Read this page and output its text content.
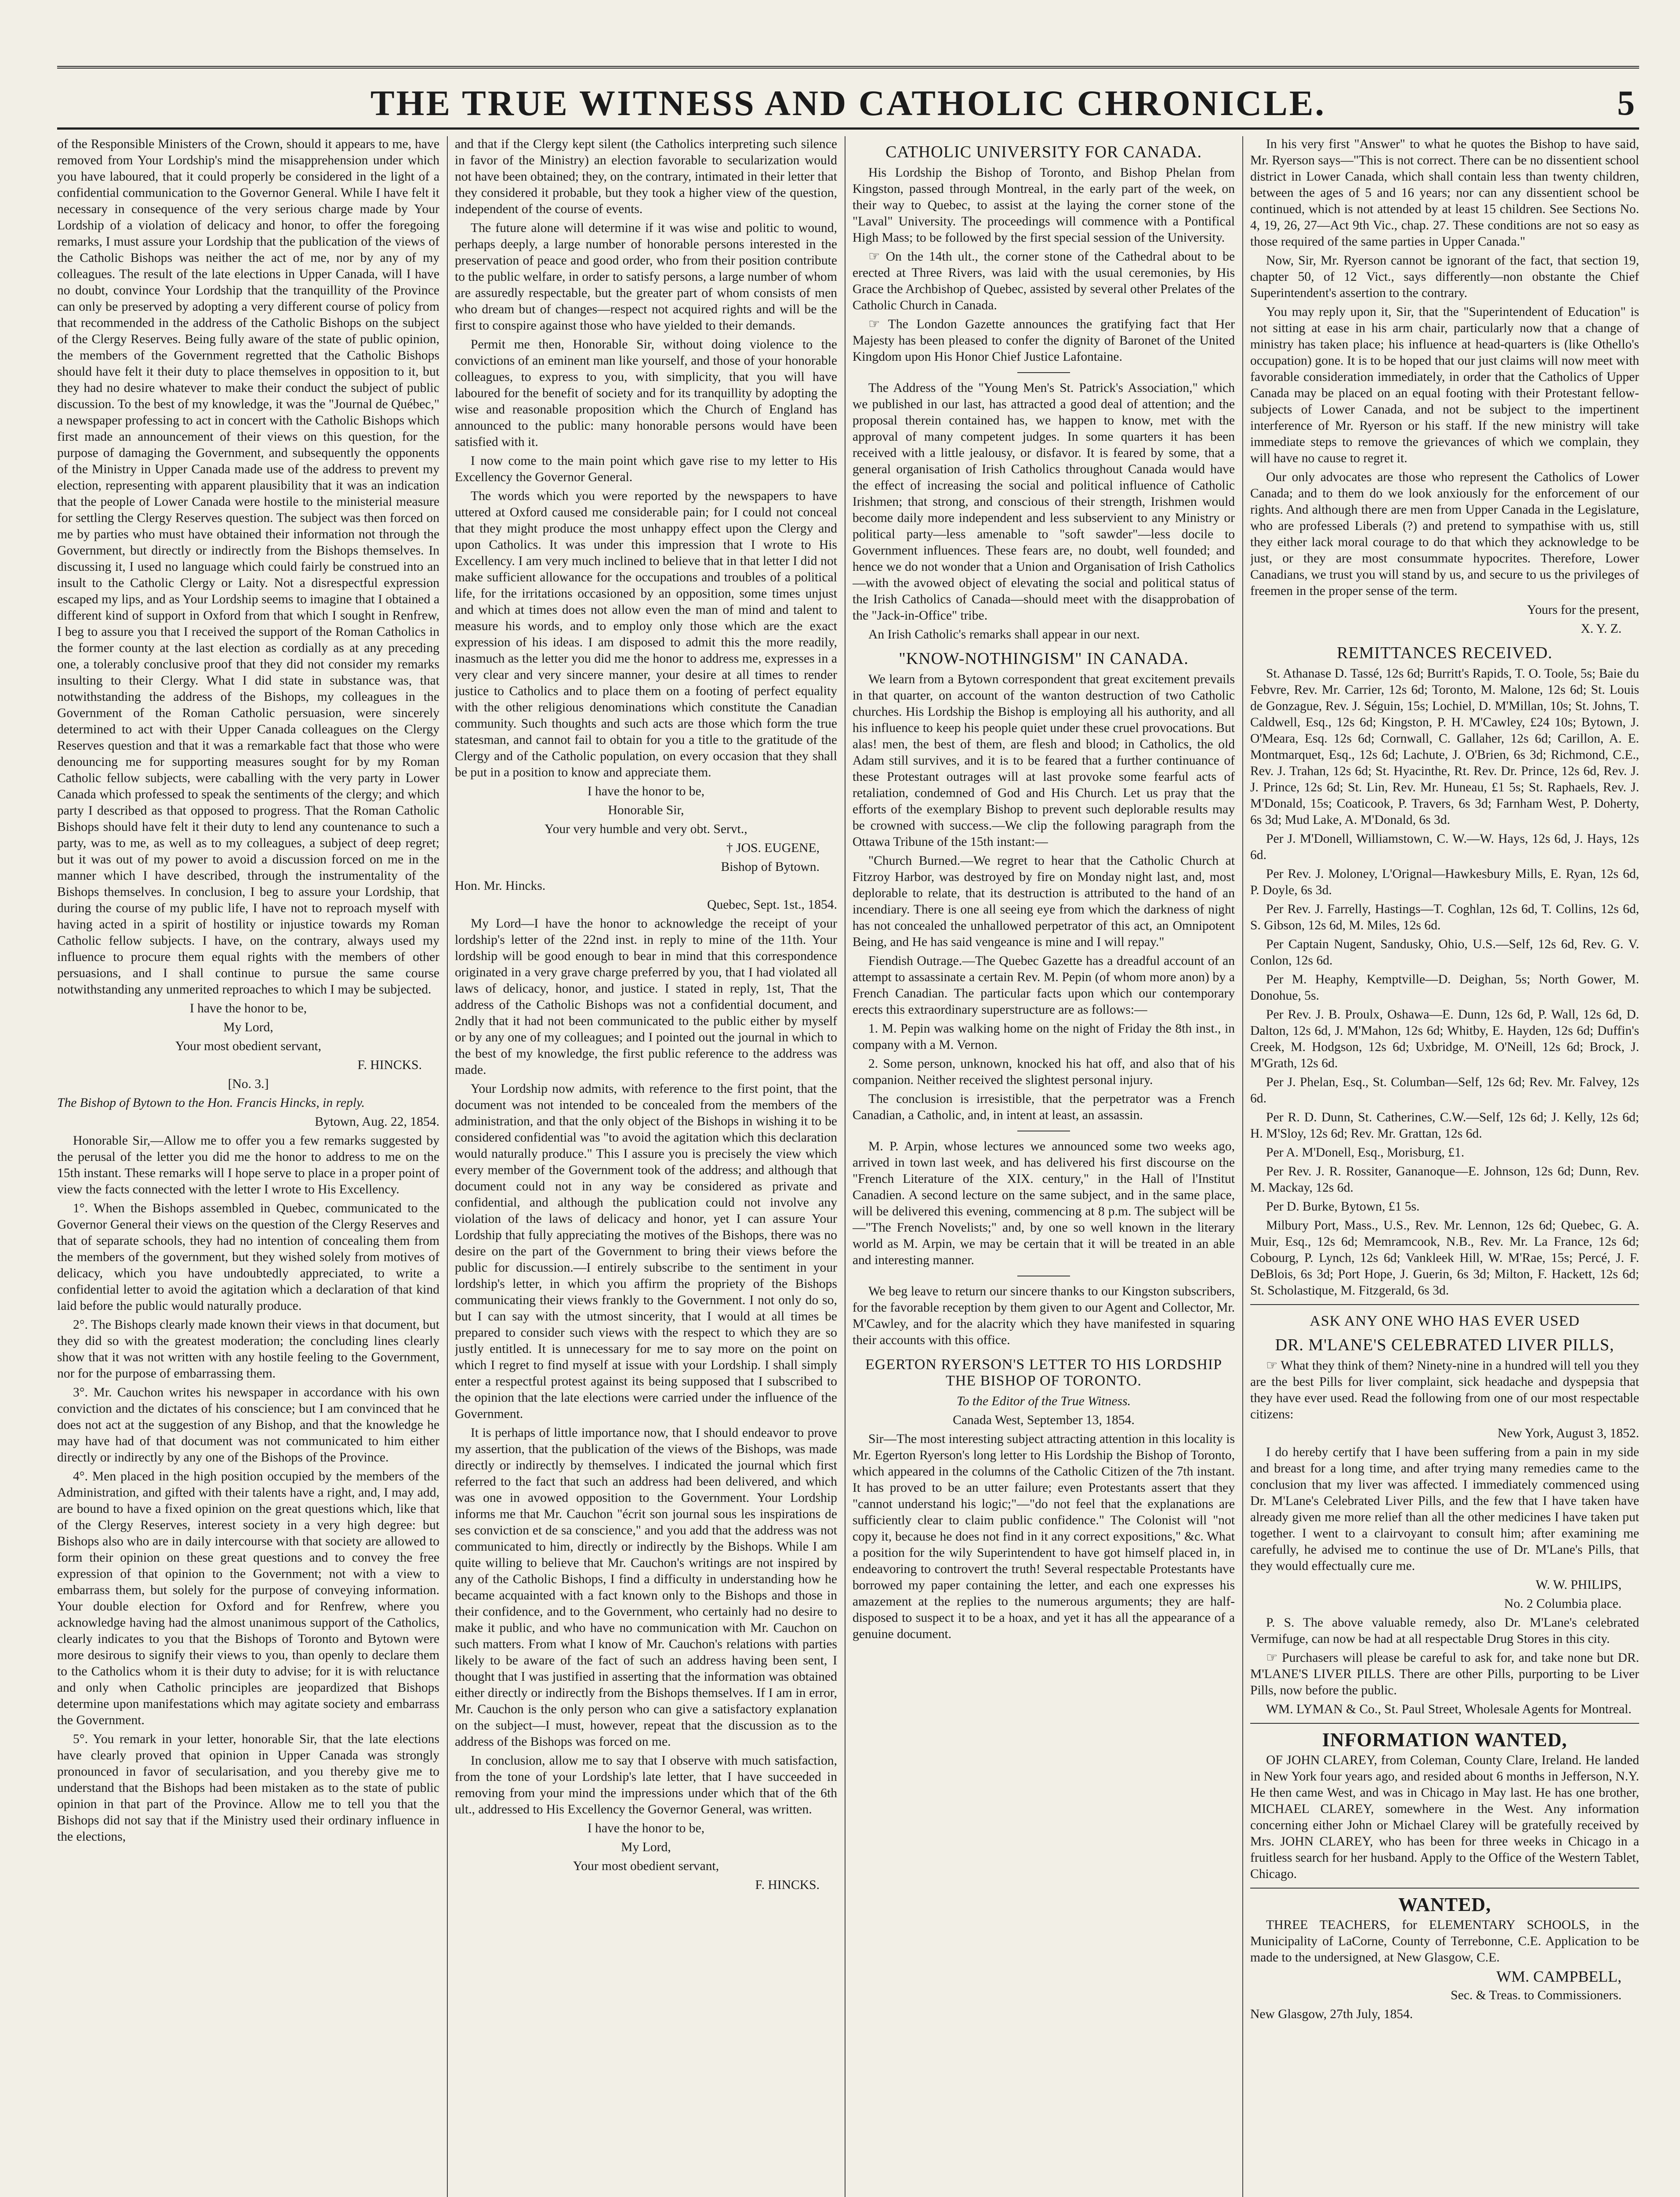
THE TRUE WITNESS AND CATHOLIC CHRONICLE.	5

of the Responsible Ministers of the Crown, should it appears to me, have removed from Your Lordship's mind the misapprehension under which you have laboured, that it could properly be considered in the light of a confidential communication to the Governor General. While I have felt it necessary in consequence of the very serious charge made by Your Lordship of a violation of delicacy and honor, to offer the foregoing remarks, I must assure your Lordship that the publication of the views of the Catholic Bishops was neither the act of me, nor by any of my colleagues. The result of the late elections in Upper Canada, will I have no doubt, convince Your Lordship that the tranquillity of the Province can only be preserved by adopting a very different course of policy from that recommended in the address of the Catholic Bishops on the subject of the Clergy Reserves. Being fully aware of the state of public opinion, the members of the Government regretted that the Catholic Bishops should have felt it their duty to place themselves in opposition to it, but they had no desire whatever to make their conduct the subject of public discussion. To the best of my knowledge, it was the "Journal de Québec," a newspaper professing to act in concert with the Catholic Bishops which first made an announcement of their views on this question, for the purpose of damaging the Government, and subsequently the opponents of the Ministry in Upper Canada made use of the address to prevent my election, representing with apparent plausibility that it was an indication that the people of Lower Canada were hostile to the ministerial measure for settling the Clergy Reserves question. The subject was then forced on me by parties who must have obtained their information not through the Government, but directly or indirectly from the Bishops themselves. In discussing it, I used no language which could fairly be construed into an insult to the Catholic Clergy or Laity. Not a disrespectful expression escaped my lips, and as Your Lordship seems to imagine that I obtained a different kind of support in Oxford from that which I sought in Renfrew, I beg to assure you that I received the support of the Roman Catholics in the former county at the last election as cordially as at any preceding one, a tolerably conclusive proof that they did not consider my remarks insulting to their Clergy. What I did state in substance was, that notwithstanding the address of the Bishops, my colleagues in the Government of the Roman Catholic persuasion, were sincerely determined to act with their Upper Canada colleagues on the Clergy Reserves question and that it was a remarkable fact that those who were denouncing me for supporting measures sought for by my Roman Catholic fellow subjects, were caballing with the very party in Lower Canada which professed to speak the sentiments of the clergy; and which party I described as that opposed to progress. That the Roman Catholic Bishops should have felt it their duty to lend any countenance to such a party, was to me, as well as to my colleagues, a subject of deep regret; but it was out of my power to avoid a discussion forced on me in the manner which I have described, through the instrumentality of the Bishops themselves. In conclusion, I beg to assure your Lordship, that during the course of my public life, I have not to reproach myself with having acted in a spirit of hostility or injustice towards my Roman Catholic fellow subjects. I have, on the contrary, always used my influence to procure them equal rights with the members of other persuasions, and I shall continue to pursue the same course notwithstanding any unmerited reproaches to which I may be subjected.

I have the honor to be,

My Lord,

Your most obedient servant,

F. HINCKS.

[No. 3.]

The Bishop of Bytown to the Hon. Francis Hincks, in reply.

Bytown, Aug. 22, 1854.

Honorable Sir,—Allow me to offer you a few remarks suggested by the perusal of the letter you did me the honor to address to me on the 15th instant. These remarks will I hope serve to place in a proper point of view the facts connected with the letter I wrote to His Excellency.

1°. When the Bishops assembled in Quebec, communicated to the Governor General their views on the question of the Clergy Reserves and that of separate schools, they had no intention of concealing them from the members of the government, but they wished solely from motives of delicacy, which you have undoubtedly appreciated, to write a confidential letter to avoid the agitation which a declaration of that kind laid before the public would naturally produce.

2°. The Bishops clearly made known their views in that document, but they did so with the greatest moderation; the concluding lines clearly show that it was not written with any hostile feeling to the Government, nor for the purpose of embarrassing them.

3°. Mr. Cauchon writes his newspaper in accordance with his own conviction and the dictates of his conscience; but I am convinced that he does not act at the suggestion of any Bishop, and that the knowledge he may have had of that document was not communicated to him either directly or indirectly by any one of the Bishops of the Province.

4°. Men placed in the high position occupied by the members of the Administration, and gifted with their talents have a right, and, I may add, are bound to have a fixed opinion on the great questions which, like that of the Clergy Reserves, interest society in a very high degree: but Bishops also who are in daily intercourse with that society are allowed to form their opinion on these great questions and to convey the free expression of that opinion to the Government; not with a view to embarrass them, but solely for the purpose of conveying information. Your double election for Oxford and for Renfrew, where you acknowledge having had the almost unanimous support of the Catholics, clearly indicates to you that the Bishops of Toronto and Bytown were more desirous to signify their views to you, than openly to declare them to the Catholics whom it is their duty to advise; for it is with reluctance and only when Catholic principles are jeopardized that Bishops determine upon manifestations which may agitate society and embarrass the Government.

5°. You remark in your letter, honorable Sir, that the late elections have clearly proved that opinion in Upper Canada was strongly pronounced in favor of secularisation, and you thereby give me to understand that the Bishops had been mistaken as to the state of public opinion in that part of the Province. Allow me to tell you that the Bishops did not say that if the Ministry used their ordinary influence in the elections,

and that if the Clergy kept silent (the Catholics interpreting such silence in favor of the Ministry) an election favorable to secularization would not have been obtained; they, on the contrary, intimated in their letter that they considered it probable, but they took a higher view of the question, independent of the course of events.

The future alone will determine if it was wise and politic to wound, perhaps deeply, a large number of honorable persons interested in the preservation of peace and good order, who from their position contribute to the public welfare, in order to satisfy persons, a large number of whom are assuredly respectable, but the greater part of whom consists of men who dream but of changes—respect not acquired rights and will be the first to conspire against those who have yielded to their demands.

Permit me then, Honorable Sir, without doing violence to the convictions of an eminent man like yourself, and those of your honorable colleagues, to express to you, with simplicity, that you will have laboured for the benefit of society and for its tranquillity by adopting the wise and reasonable proposition which the Church of England has announced to the public: many honorable persons would have been satisfied with it.

I now come to the main point which gave rise to my letter to His Excellency the Governor General.

The words which you were reported by the newspapers to have uttered at Oxford caused me considerable pain; for I could not conceal that they might produce the most unhappy effect upon the Clergy and upon Catholics. It was under this impression that I wrote to His Excellency. I am very much inclined to believe that in that letter I did not make sufficient allowance for the occupations and troubles of a political life, for the irritations occasioned by an opposition, some times unjust and which at times does not allow even the man of mind and talent to measure his words, and to employ only those which are the exact expression of his ideas. I am disposed to admit this the more readily, inasmuch as the letter you did me the honor to address me, expresses in a very clear and very sincere manner, your desire at all times to render justice to Catholics and to place them on a footing of perfect equality with the other religious denominations which constitute the Canadian community. Such thoughts and such acts are those which form the true statesman, and cannot fail to obtain for you a title to the gratitude of the Clergy and of the Catholic population, on every occasion that they shall be put in a position to know and appreciate them.

I have the honor to be,

Honorable Sir,

Your very humble and very obt. Servt.,

† JOS. EUGENE,

Bishop of Bytown.

Hon. Mr. Hincks.

Quebec, Sept. 1st., 1854.

My Lord—I have the honor to acknowledge the receipt of your lordship's letter of the 22nd inst. in reply to mine of the 11th. Your lordship will be good enough to bear in mind that this correspondence originated in a very grave charge preferred by you, that I had violated all laws of delicacy, honor, and justice. I stated in reply, 1st, That the address of the Catholic Bishops was not a confidential document, and 2ndly that it had not been communicated to the public either by myself or by any one of my colleagues; and I pointed out the journal in which to the best of my knowledge, the first public reference to the address was made.

Your Lordship now admits, with reference to the first point, that the document was not intended to be concealed from the members of the administration, and that the only object of the Bishops in wishing it to be considered confidential was "to avoid the agitation which this declaration would naturally produce." This I assure you is precisely the view which every member of the Government took of the address; and although that document could not in any way be considered as private and confidential, and although the publication could not involve any violation of the laws of delicacy and honor, yet I can assure Your Lordship that fully appreciating the motives of the Bishops, there was no desire on the part of the Government to bring their views before the public for discussion.—I entirely subscribe to the sentiment in your lordship's letter, in which you affirm the propriety of the Bishops communicating their views frankly to the Government. I not only do so, but I can say with the utmost sincerity, that I would at all times be prepared to consider such views with the respect to which they are so justly entitled. It is unnecessary for me to say more on the point on which I regret to find myself at issue with your Lordship. I shall simply enter a respectful protest against its being supposed that I subscribed to the opinion that the late elections were carried under the influence of the Government.

It is perhaps of little importance now, that I should endeavor to prove my assertion, that the publication of the views of the Bishops, was made directly or indirectly by themselves. I indicated the journal which first referred to the fact that such an address had been delivered, and which was one in avowed opposition to the Government. Your Lordship informs me that Mr. Cauchon "écrit son journal sous les inspirations de ses conviction et de sa conscience," and you add that the address was not communicated to him, directly or indirectly by the Bishops. While I am quite willing to believe that Mr. Cauchon's writings are not inspired by any of the Catholic Bishops, I find a difficulty in understanding how he became acquainted with a fact known only to the Bishops and those in their confidence, and to the Government, who certainly had no desire to make it public, and who have no communication with Mr. Cauchon on such matters. From what I know of Mr. Cauchon's relations with parties likely to be aware of the fact of such an address having been sent, I thought that I was justified in asserting that the information was obtained either directly or indirectly from the Bishops themselves. If I am in error, Mr. Cauchon is the only person who can give a satisfactory explanation on the subject—I must, however, repeat that the discussion as to the address of the Bishops was forced on me.

In conclusion, allow me to say that I observe with much satisfaction, from the tone of your Lordship's late letter, that I have succeeded in removing from your mind the impressions under which that of the 6th ult., addressed to His Excellency the Governor General, was written.

I have the honor to be,

My Lord,

Your most obedient servant,

F. HINCKS.

CATHOLIC UNIVERSITY FOR CANADA.

His Lordship the Bishop of Toronto, and Bishop Phelan from Kingston, passed through Montreal, in the early part of the week, on their way to Quebec, to assist at the laying the corner stone of the "Laval" University. The proceedings will commence with a Pontifical High Mass; to be followed by the first special session of the University.

☞ On the 14th ult., the corner stone of the Cathedral about to be erected at Three Rivers, was laid with the usual ceremonies, by His Grace the Archbishop of Quebec, assisted by several other Prelates of the Catholic Church in Canada.

☞ The London Gazette announces the gratifying fact that Her Majesty has been pleased to confer the dignity of Baronet of the United Kingdom upon His Honor Chief Justice Lafontaine.

The Address of the "Young Men's St. Patrick's Association," which we published in our last, has attracted a good deal of attention; and the proposal therein contained has, we happen to know, met with the approval of many competent judges. In some quarters it has been received with a little jealousy, or disfavor. It is feared by some, that a general organisation of Irish Catholics throughout Canada would have the effect of increasing the social and political influence of Catholic Irishmen; that strong, and conscious of their strength, Irishmen would become daily more independent and less subservient to any Ministry or political party—less amenable to "soft sawder"—less docile to Government influences. These fears are, no doubt, well founded; and hence we do not wonder that a Union and Organisation of Irish Catholics—with the avowed object of elevating the social and political status of the Irish Catholics of Canada—should meet with the disapprobation of the "Jack-in-Office" tribe.

An Irish Catholic's remarks shall appear in our next.

"KNOW-NOTHINGISM" IN CANADA.

We learn from a Bytown correspondent that great excitement prevails in that quarter, on account of the wanton destruction of two Catholic churches. His Lordship the Bishop is employing all his authority, and all his influence to keep his people quiet under these cruel provocations. But alas! men, the best of them, are flesh and blood; in Catholics, the old Adam still survives, and it is to be feared that a further continuance of these Protestant outrages will at last provoke some fearful acts of retaliation, condemned of God and His Church. Let us pray that the efforts of the exemplary Bishop to prevent such deplorable results may be crowned with success.—We clip the following paragraph from the Ottawa Tribune of the 15th instant:—

"Church Burned.—We regret to hear that the Catholic Church at Fitzroy Harbor, was destroyed by fire on Monday night last, and, most deplorable to relate, that its destruction is attributed to the hand of an incendiary. There is one all seeing eye from which the darkness of night has not concealed the unhallowed perpetrator of this act, an Omnipotent Being, and He has said vengeance is mine and I will repay."

Fiendish Outrage.—The Quebec Gazette has a dreadful account of an attempt to assassinate a certain Rev. M. Pepin (of whom more anon) by a French Canadian. The particular facts upon which our contemporary erects this extraordinary superstructure are as follows:—

1. M. Pepin was walking home on the night of Friday the 8th inst., in company with a M. Vernon.

2. Some person, unknown, knocked his hat off, and also that of his companion. Neither received the slightest personal injury.

The conclusion is irresistible, that the perpetrator was a French Canadian, a Catholic, and, in intent at least, an assassin.

M. P. Arpin, whose lectures we announced some two weeks ago, arrived in town last week, and has delivered his first discourse on the "French Literature of the XIX. century," in the Hall of l'Institut Canadien. A second lecture on the same subject, and in the same place, will be delivered this evening, commencing at 8 p.m. The subject will be—"The French Novelists;" and, by one so well known in the literary world as M. Arpin, we may be certain that it will be treated in an able and interesting manner.

We beg leave to return our sincere thanks to our Kingston subscribers, for the favorable reception by them given to our Agent and Collector, Mr. M'Cawley, and for the alacrity which they have manifested in squaring their accounts with this office.

EGERTON RYERSON'S LETTER TO HIS LORDSHIP THE BISHOP OF TORONTO.

To the Editor of the True Witness.

Canada West, September 13, 1854.

Sir—The most interesting subject attracting attention in this locality is Mr. Egerton Ryerson's long letter to His Lordship the Bishop of Toronto, which appeared in the columns of the Catholic Citizen of the 7th instant. It has proved to be an utter failure; even Protestants assert that they "cannot understand his logic;"—"do not feel that the explanations are sufficiently clear to claim public confidence." The Colonist will "not copy it, because he does not find in it any correct expositions," &c. What a position for the wily Superintendent to have got himself placed in, in endeavoring to controvert the truth! Several respectable Protestants have borrowed my paper containing the letter, and each one expresses his amazement at the replies to the numerous arguments; they are half-disposed to suspect it to be a hoax, and yet it has all the appearance of a genuine document.

In his very first "Answer" to what he quotes the Bishop to have said, Mr. Ryerson says—"This is not correct. There can be no dissentient school district in Lower Canada, which shall contain less than twenty children, between the ages of 5 and 16 years; nor can any dissentient school be continued, which is not attended by at least 15 children. See Sections No. 4, 19, 26, 27—Act 9th Vic., chap. 27. These conditions are not so easy as those required of the same parties in Upper Canada."

Now, Sir, Mr. Ryerson cannot be ignorant of the fact, that section 19, chapter 50, of 12 Vict., says differently—non obstante the Chief Superintendent's assertion to the contrary.

You may reply upon it, Sir, that the "Superintendent of Education" is not sitting at ease in his arm chair, particularly now that a change of ministry has taken place; his influence at head-quarters is (like Othello's occupation) gone. It is to be hoped that our just claims will now meet with favorable consideration immediately, in order that the Catholics of Upper Canada may be placed on an equal footing with their Protestant fellow-subjects of Lower Canada, and not be subject to the impertinent interference of Mr. Ryerson or his staff. If the new ministry will take immediate steps to remove the grievances of which we complain, they will have no cause to regret it.

Our only advocates are those who represent the Catholics of Lower Canada; and to them do we look anxiously for the enforcement of our rights. And although there are men from Upper Canada in the Legislature, who are professed Liberals (?) and pretend to sympathise with us, still they either lack moral courage to do that which they acknowledge to be just, or they are most consummate hypocrites. Therefore, Lower Canadians, we trust you will stand by us, and secure to us the privileges of freemen in the proper sense of the term.

Yours for the present,

X. Y. Z.

REMITTANCES RECEIVED.

St. Athanase D. Tassé, 12s 6d; Burritt's Rapids, T. O. Toole, 5s; Baie du Febvre, Rev. Mr. Carrier, 12s 6d; Toronto, M. Malone, 12s 6d; St. Louis de Gonzague, Rev. J. Séguin, 15s; Lochiel, D. M'Millan, 10s; St. Johns, T. Caldwell, Esq., 12s 6d; Kingston, P. H. M'Cawley, £24 10s; Bytown, J. O'Meara, Esq. 12s 6d; Cornwall, C. Gallaher, 12s 6d; Carillon, A. E. Montmarquet, Esq., 12s 6d; Lachute, J. O'Brien, 6s 3d; Richmond, C.E., Rev. J. Trahan, 12s 6d; St. Hyacinthe, Rt. Rev. Dr. Prince, 12s 6d, Rev. J. J. Prince, 12s 6d; St. Lin, Rev. Mr. Huneau, £1 5s; St. Raphaels, Rev. J. M'Donald, 15s; Coaticook, P. Travers, 6s 3d; Farnham West, P. Doherty, 6s 3d; Mud Lake, A. M'Donald, 6s 3d.

Per J. M'Donell, Williamstown, C. W.—W. Hays, 12s 6d, J. Hays, 12s 6d.

Per Rev. J. Moloney, L'Orignal—Hawkesbury Mills, E. Ryan, 12s 6d, P. Doyle, 6s 3d.

Per Rev. J. Farrelly, Hastings—T. Coghlan, 12s 6d, T. Collins, 12s 6d, S. Gibson, 12s 6d, M. Miles, 12s 6d.

Per Captain Nugent, Sandusky, Ohio, U.S.—Self, 12s 6d, Rev. G. V. Conlon, 12s 6d.

Per M. Heaphy, Kemptville—D. Deighan, 5s; North Gower, M. Donohue, 5s.

Per Rev. J. B. Proulx, Oshawa—E. Dunn, 12s 6d, P. Wall, 12s 6d, D. Dalton, 12s 6d, J. M'Mahon, 12s 6d; Whitby, E. Hayden, 12s 6d; Duffin's Creek, M. Hodgson, 12s 6d; Uxbridge, M. O'Neill, 12s 6d; Brock, J. M'Grath, 12s 6d.

Per J. Phelan, Esq., St. Columban—Self, 12s 6d; Rev. Mr. Falvey, 12s 6d.

Per R. D. Dunn, St. Catherines, C.W.—Self, 12s 6d; J. Kelly, 12s 6d; H. M'Sloy, 12s 6d; Rev. Mr. Grattan, 12s 6d.

Per A. M'Donell, Esq., Morisburg, £1.

Per Rev. J. R. Rossiter, Gananoque—E. Johnson, 12s 6d; Dunn, Rev. M. Mackay, 12s 6d.

Per D. Burke, Bytown, £1 5s.

Milbury Port, Mass., U.S., Rev. Mr. Lennon, 12s 6d; Quebec, G. A. Muir, Esq., 12s 6d; Memramcook, N.B., Rev. Mr. La France, 12s 6d; Cobourg, P. Lynch, 12s 6d; Vankleek Hill, W. M'Rae, 15s; Percé, J. F. DeBlois, 6s 3d; Port Hope, J. Guerin, 6s 3d; Milton, F. Hackett, 12s 6d; St. Scholastique, M. Fitzgerald, 6s 3d.

ASK ANY ONE WHO HAS EVER USED
DR. M'LANE'S CELEBRATED LIVER PILLS,

☞ What they think of them? Ninety-nine in a hundred will tell you they are the best Pills for liver complaint, sick headache and dyspepsia that they have ever used. Read the following from one of our most respectable citizens:

New York, August 3, 1852.

I do hereby certify that I have been suffering from a pain in my side and breast for a long time, and after trying many remedies came to the conclusion that my liver was affected. I immediately commenced using Dr. M'Lane's Celebrated Liver Pills, and the few that I have taken have already given me more relief than all the other medicines I have taken put together. I went to a clairvoyant to consult him; after examining me carefully, he advised me to continue the use of Dr. M'Lane's Pills, that they would effectually cure me.

W. W. PHILIPS,

No. 2 Columbia place.

P. S. The above valuable remedy, also Dr. M'Lane's celebrated Vermifuge, can now be had at all respectable Drug Stores in this city.

☞ Purchasers will please be careful to ask for, and take none but DR. M'LANE'S LIVER PILLS. There are other Pills, purporting to be Liver Pills, now before the public.

WM. LYMAN & Co., St. Paul Street, Wholesale Agents for Montreal.

INFORMATION WANTED,

OF JOHN CLAREY, from Coleman, County Clare, Ireland. He landed in New York four years ago, and resided about 6 months in Jefferson, N.Y. He then came West, and was in Chicago in May last. He has one brother, MICHAEL CLAREY, somewhere in the West. Any information concerning either John or Michael Clarey will be gratefully received by Mrs. JOHN CLAREY, who has been for three weeks in Chicago in a fruitless search for her husband. Apply to the Office of the Western Tablet, Chicago.

WANTED,

THREE TEACHERS, for ELEMENTARY SCHOOLS, in the Municipality of LaCorne, County of Terrebonne, C.E. Application to be made to the undersigned, at New Glasgow, C.E.

WM. CAMPBELL,

Sec. & Treas. to Commissioners.

New Glasgow, 27th July, 1854.
